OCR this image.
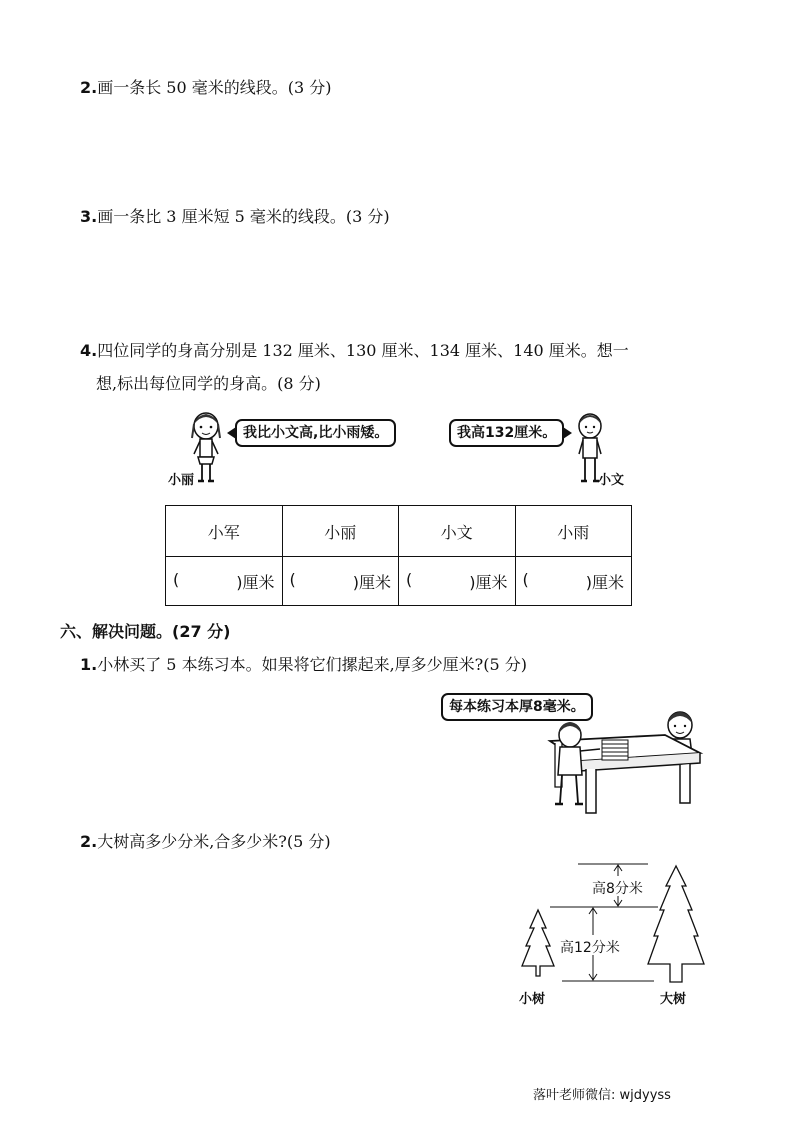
2.画一条长 50 毫米的线段。(3 分)
3.画一条比 3 厘米短 5 毫米的线段。(3 分)
4.四位同学的身高分别是 132 厘米、130 厘米、134 厘米、140 厘米。想一
想,标出每位同学的身高。(8 分)
我比小文高,比小雨矮。	我高132厘米。
小丽	小文
小军	小丽	小文	小雨

( )厘米	( )厘米	( )厘米	( )厘米
六、解决问题。(27 分)
1.小林买了 5 本练习本。如果将它们摞起来,厚多少厘米?(5 分)
每本练习本厚8毫米。
2.大树高多少分米,合多少米?(5 分)
高8分米
高12分米
小树	大树
落叶老师微信: wjdyyss
